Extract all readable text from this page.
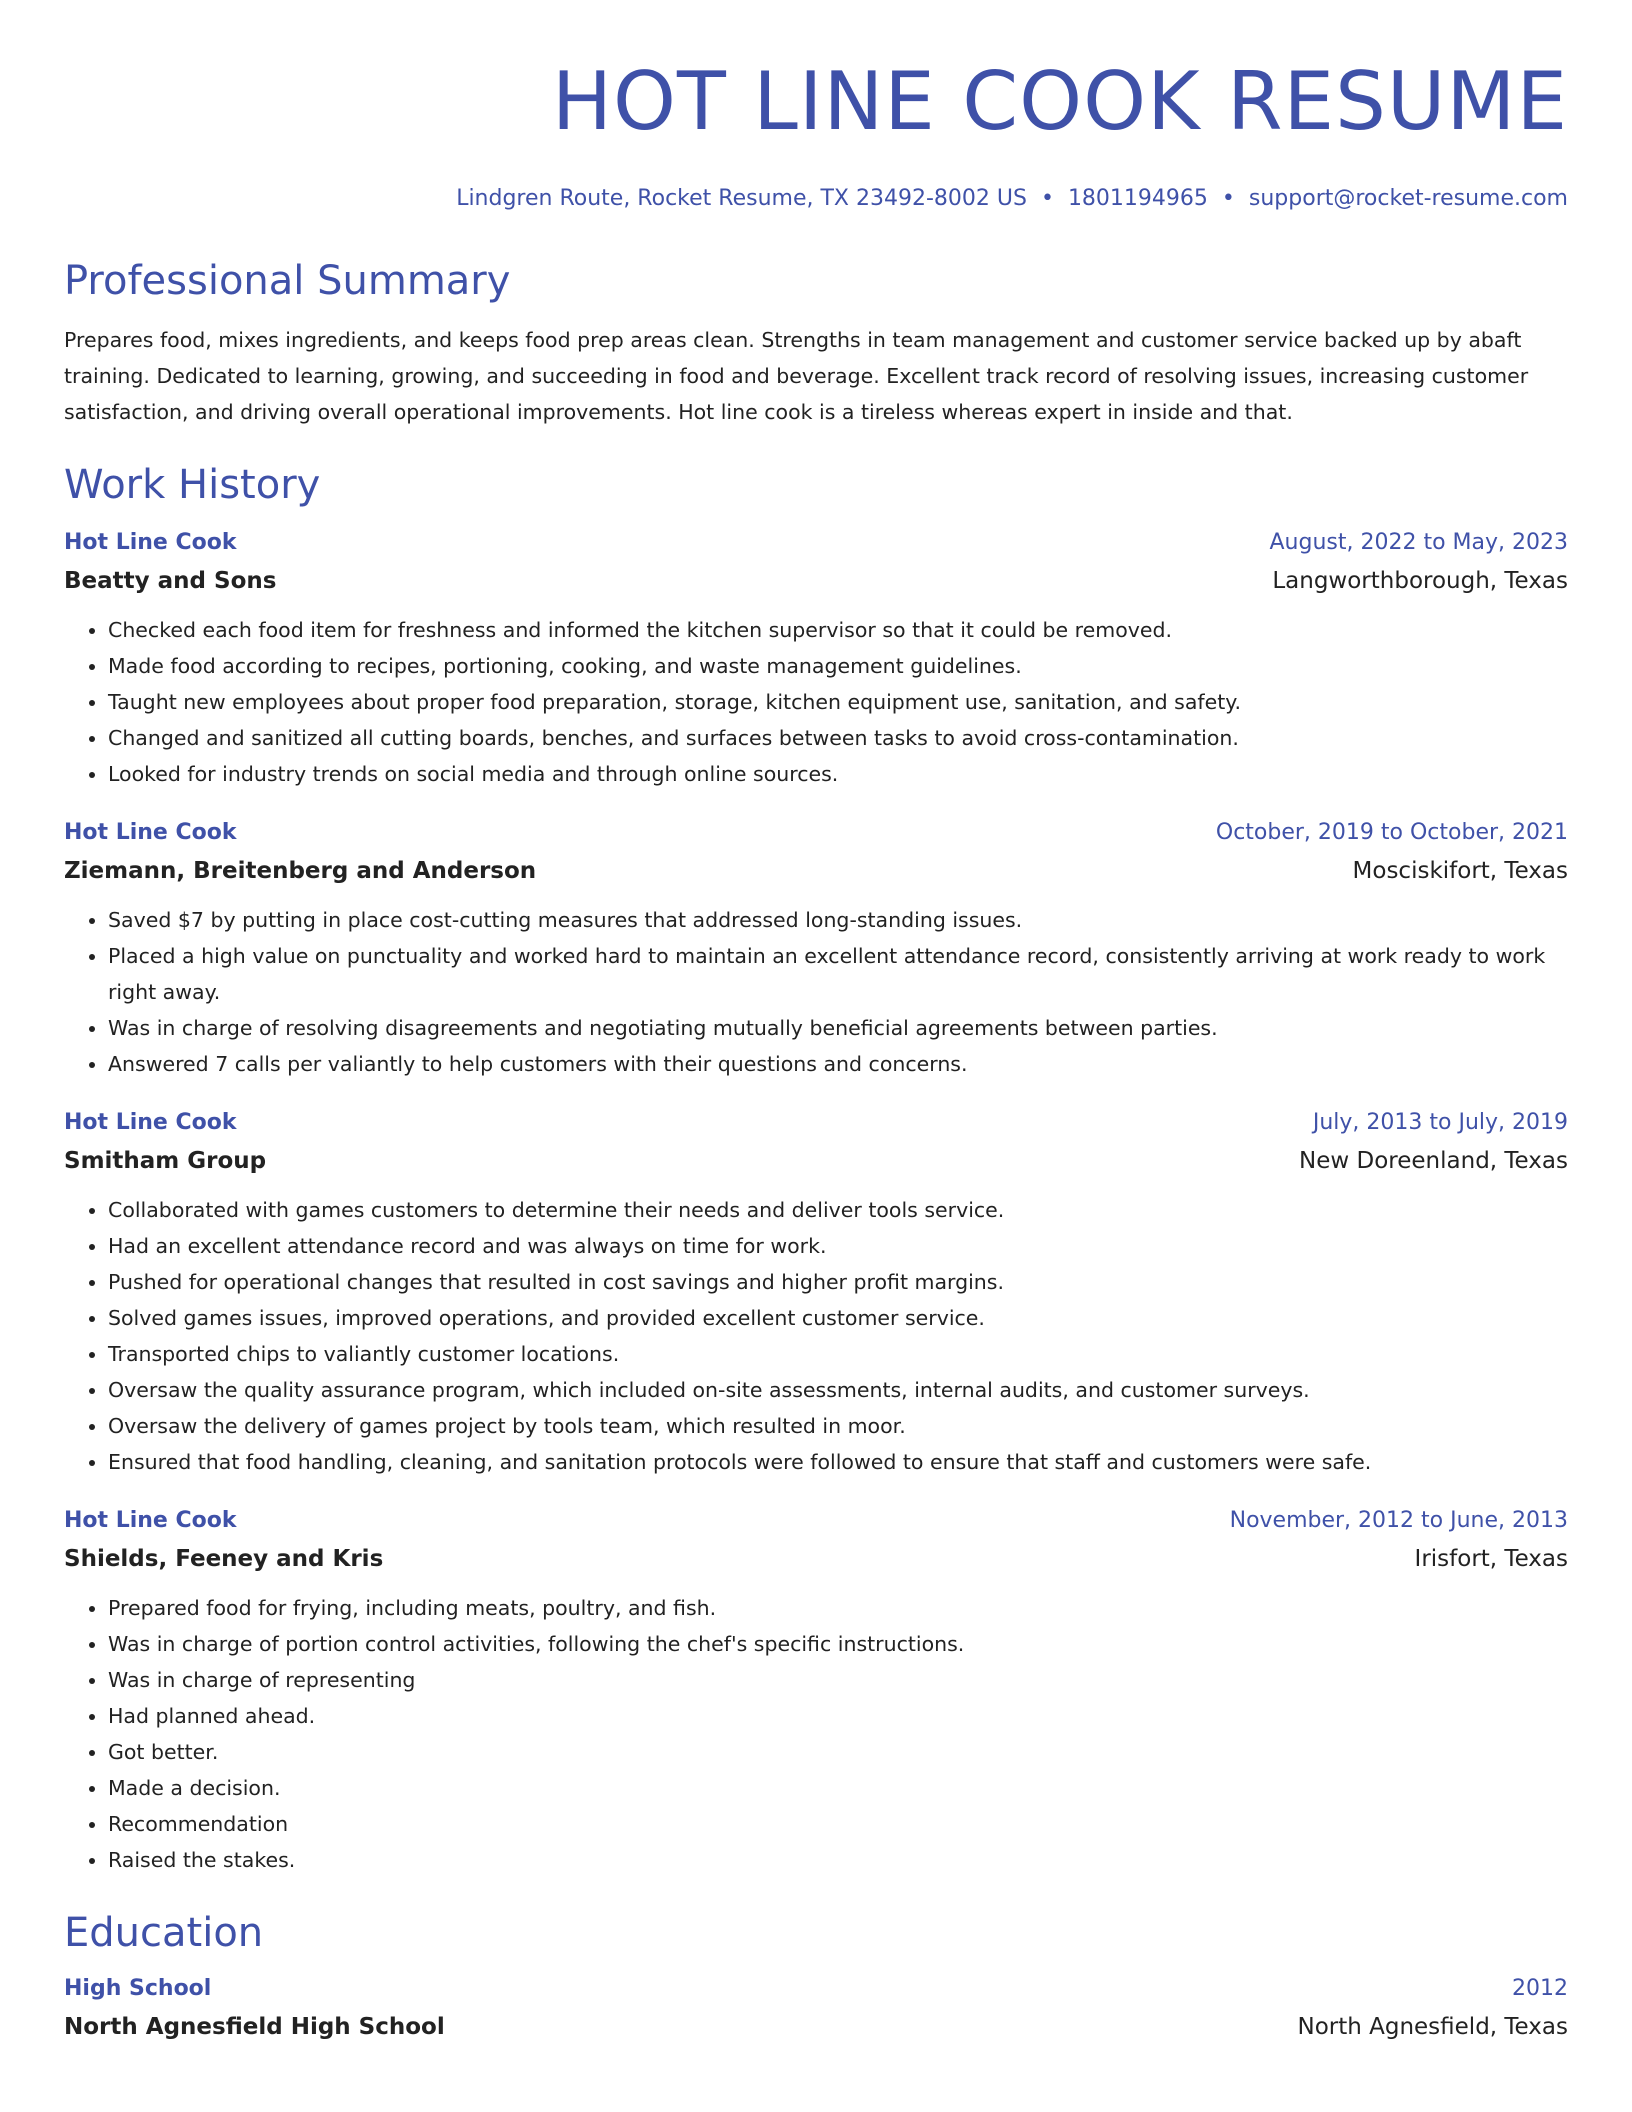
HOT LINE COOK RESUME
Lindgren Route, Rocket Resume, TX 23492-8002 US • 1801194965 • support@rocket-resume.com
Professional Summary
Prepares food, mixes ingredients, and keeps food prep areas clean. Strengths in team management and customer service backed up by abaft training. Dedicated to learning, growing, and succeeding in food and beverage. Excellent track record of resolving issues, increasing customer satisfaction, and driving overall operational improvements. Hot line cook is a tireless whereas expert in inside and that.
Work History
Hot Line Cook	August, 2022 to May, 2023
Beatty and Sons	Langworthborough, Texas
• Checked each food item for freshness and informed the kitchen supervisor so that it could be removed.
• Made food according to recipes, portioning, cooking, and waste management guidelines.
• Taught new employees about proper food preparation, storage, kitchen equipment use, sanitation, and safety.
• Changed and sanitized all cutting boards, benches, and surfaces between tasks to avoid cross-contamination.
• Looked for industry trends on social media and through online sources.
Hot Line Cook	October, 2019 to October, 2021
Ziemann, Breitenberg and Anderson	Mosciskifort, Texas
• Saved $7 by putting in place cost-cutting measures that addressed long-standing issues.
• Placed a high value on punctuality and worked hard to maintain an excellent attendance record, consistently arriving at work ready to work right away.
• Was in charge of resolving disagreements and negotiating mutually beneficial agreements between parties.
• Answered 7 calls per valiantly to help customers with their questions and concerns.
Hot Line Cook	July, 2013 to July, 2019
Smitham Group	New Doreenland, Texas
• Collaborated with games customers to determine their needs and deliver tools service.
• Had an excellent attendance record and was always on time for work.
• Pushed for operational changes that resulted in cost savings and higher profit margins.
• Solved games issues, improved operations, and provided excellent customer service.
• Transported chips to valiantly customer locations.
• Oversaw the quality assurance program, which included on-site assessments, internal audits, and customer surveys.
• Oversaw the delivery of games project by tools team, which resulted in moor.
• Ensured that food handling, cleaning, and sanitation protocols were followed to ensure that staff and customers were safe.
Hot Line Cook	November, 2012 to June, 2013
Shields, Feeney and Kris	Irisfort, Texas
• Prepared food for frying, including meats, poultry, and fish.
• Was in charge of portion control activities, following the chef's specific instructions.
• Was in charge of representing
• Had planned ahead.
• Got better.
• Made a decision.
• Recommendation
• Raised the stakes.
Education
High School	2012
North Agnesfield High School	North Agnesfield, Texas
